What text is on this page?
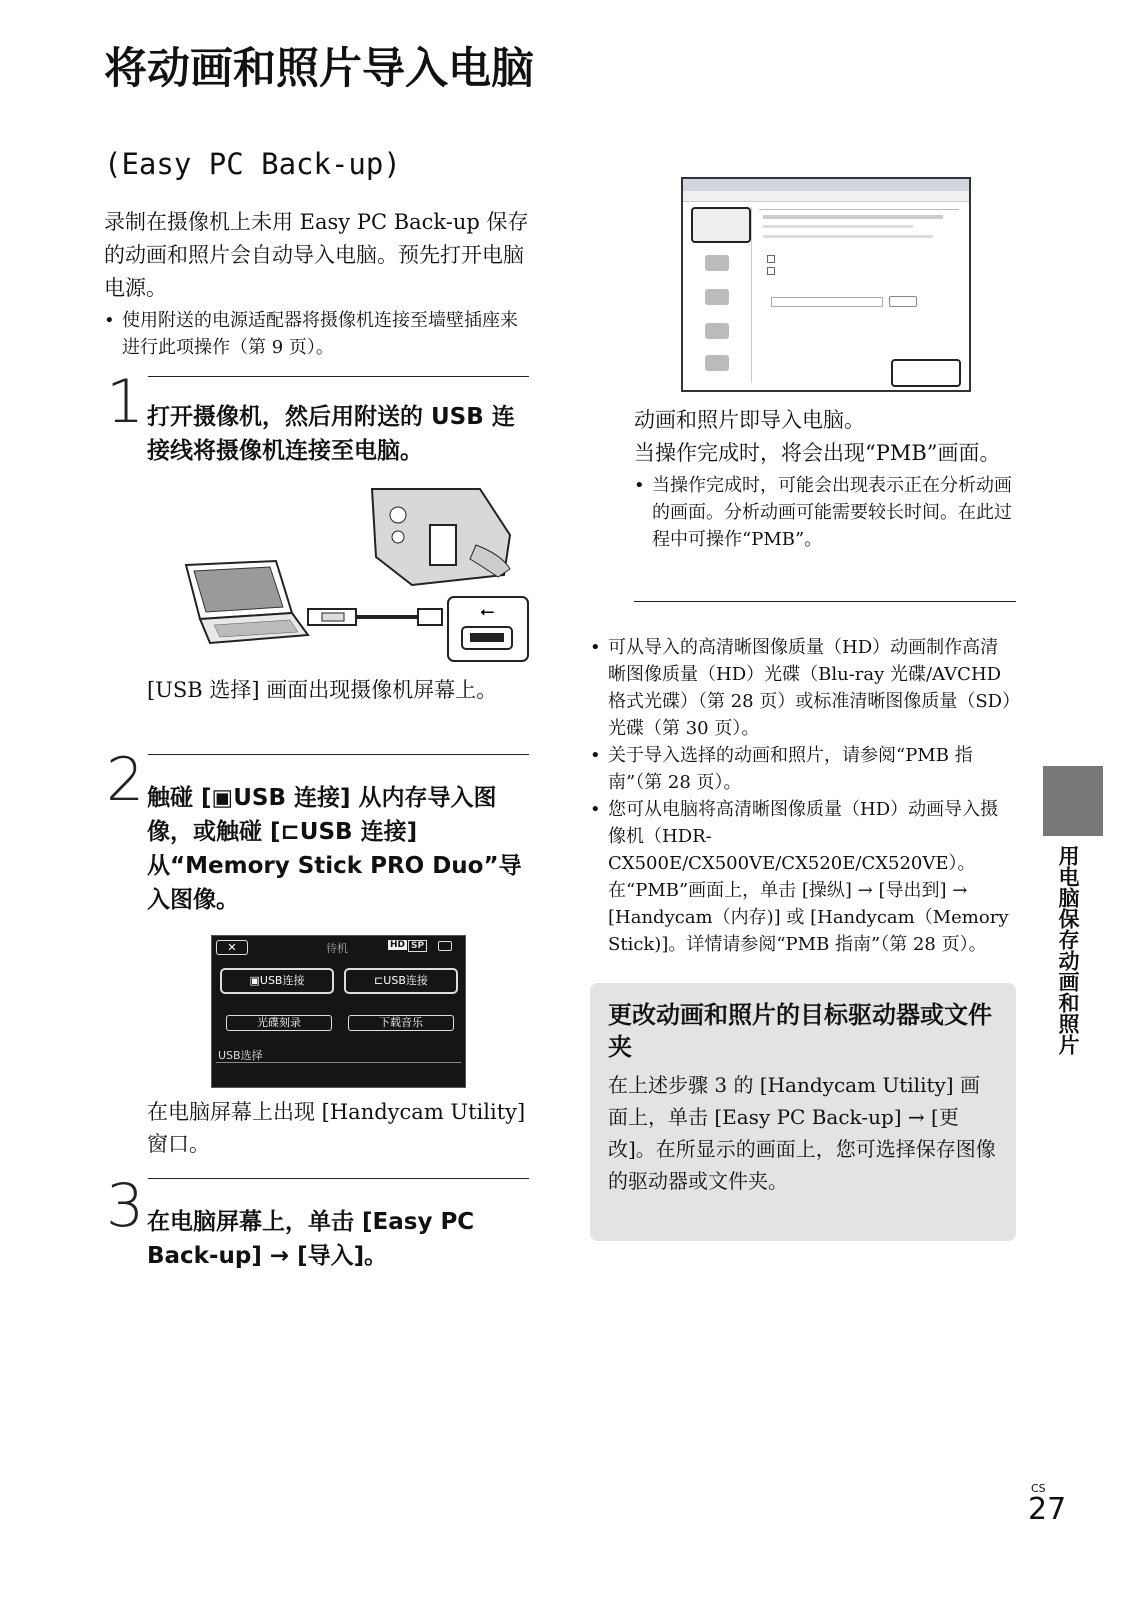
将动画和照片导入电脑
(Easy PC Back-up)
录制在摄像机上未用 Easy PC Back-up 保存的动画和照片会自动导入电脑。预先打开电脑电源。
• 使用附送的电源适配器将摄像机连接至墙壁插座来进行此项操作（第 9 页）。
1 打开摄像机，然后用附送的 USB 连接线将摄像机连接至电脑。
⭠
[USB 选择] 画面出现摄像机屏幕上。
2 触碰 [▣USB 连接] 从内存导入图像，或触碰 [⊏USB 连接] 从“Memory Stick PRO Duo”导入图像。
✕	待机	HD SP
▣USB连接	⊏USB连接
光碟刻录	下载音乐
USB选择
在电脑屏幕上出现 [Handycam Utility] 窗口。
3 在电脑屏幕上，单击 [Easy PC Back-up] → [导入]。
动画和照片即导入电脑。
当操作完成时，将会出现“PMB”画面。
• 当操作完成时，可能会出现表示正在分析动画的画面。分析动画可能需要较长时间。在此过程中可操作“PMB”。
• 可从导入的高清晰图像质量（HD）动画制作高清晰图像质量（HD）光碟（Blu-ray 光碟/AVCHD 格式光碟）（第 28 页）或标准清晰图像质量（SD）光碟（第 30 页）。
• 关于导入选择的动画和照片，请参阅“PMB 指南”（第 28 页）。
• 您可从电脑将高清晰图像质量（HD）动画导入摄像机（HDR-CX500E/CX500VE/CX520E/CX520VE）。在“PMB”画面上，单击 [操纵] → [导出到] → [Handycam（内存)] 或 [Handycam（Memory Stick)]。详情请参阅“PMB 指南”（第 28 页）。
更改动画和照片的目标驱动器或文件夹
在上述步骤 3 的 [Handycam Utility] 画面上，单击 [Easy PC Back-up] → [更改]。在所显示的画面上，您可选择保存图像的驱动器或文件夹。
用电脑保存动画和照片
CS
27
